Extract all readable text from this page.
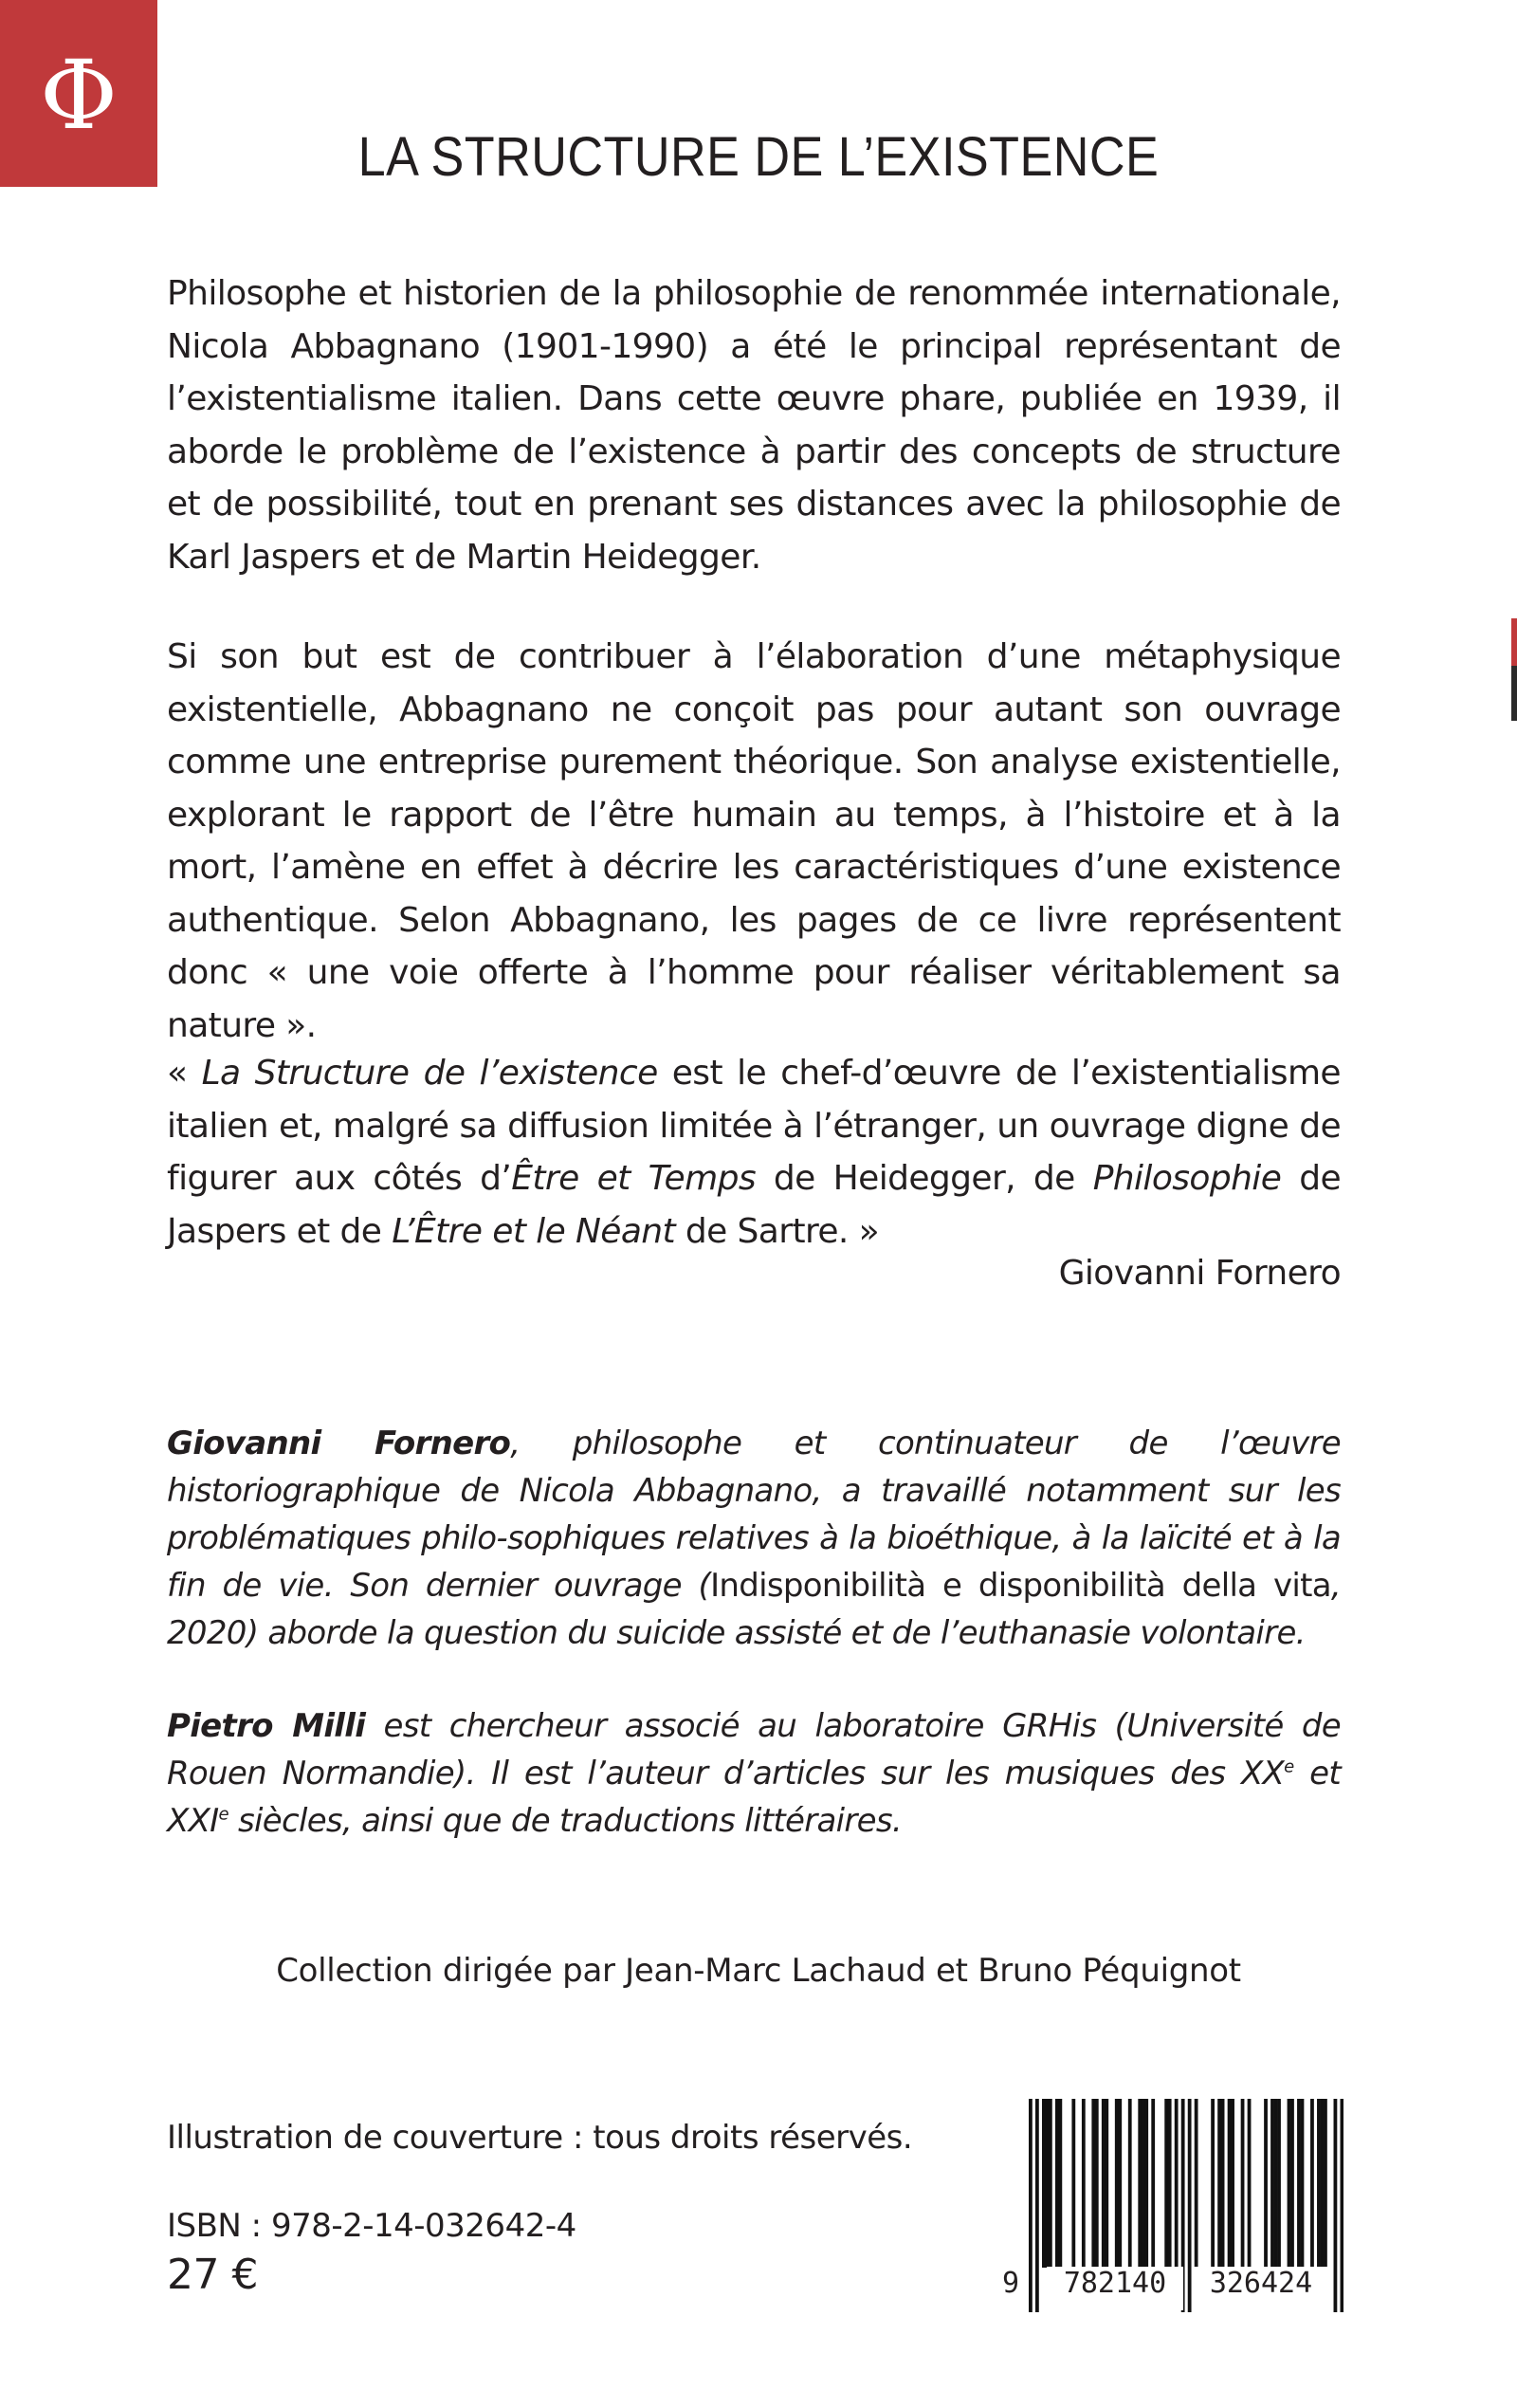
Φ
LA STRUCTURE DE L’EXISTENCE

Philosophe et historien de la philosophie de renommée internationale, Nicola Abbagnano (1901-1990) a été le principal représentant de l’existentialisme italien. Dans cette œuvre phare, publiée en 1939, il aborde le problème de l’existence à partir des concepts de structure et de possibilité, tout en prenant ses distances avec la philosophie de Karl Jaspers et de Martin Heidegger.

Si son but est de contribuer à l’élaboration d’une métaphysique existentielle, Abbagnano ne conçoit pas pour autant son ouvrage comme une entreprise purement théorique. Son analyse existentielle, explorant le rapport de l’être humain au temps, à l’histoire et à la mort, l’amène en effet à décrire les caractéristiques d’une existence authentique. Selon Abbagnano, les pages de ce livre représentent donc « une voie offerte à l’homme pour réaliser véritablement sa nature ».

« La Structure de l’existence est le chef-d’œuvre de l’existentialisme italien et, malgré sa diffusion limitée à l’étranger, un ouvrage digne de figurer aux côtés d’Être et Temps de Heidegger, de Philosophie de Jaspers et de L’Être et le Néant de Sartre. »

Giovanni Fornero

Giovanni Fornero, philosophe et continuateur de l’œuvre historiographique de Nicola Abbagnano, a travaillé notamment sur les problématiques philo-sophiques relatives à la bioéthique, à la laïcité et à la fin de vie. Son dernier ouvrage (Indisponibilità e disponibilità della vita, 2020) aborde la question du suicide assisté et de l’euthanasie volontaire.

Pietro Milli est chercheur associé au laboratoire GRHis (Université de Rouen Normandie). Il est l’auteur d’articles sur les musiques des XXe et XXIe siècles, ainsi que de traductions littéraires.

Collection dirigée par Jean-Marc Lachaud et Bruno Péquignot
Illustration de couverture : tous droits réservés.
ISBN : 978-2-14-032642-4
27 €	9	782140	326424
